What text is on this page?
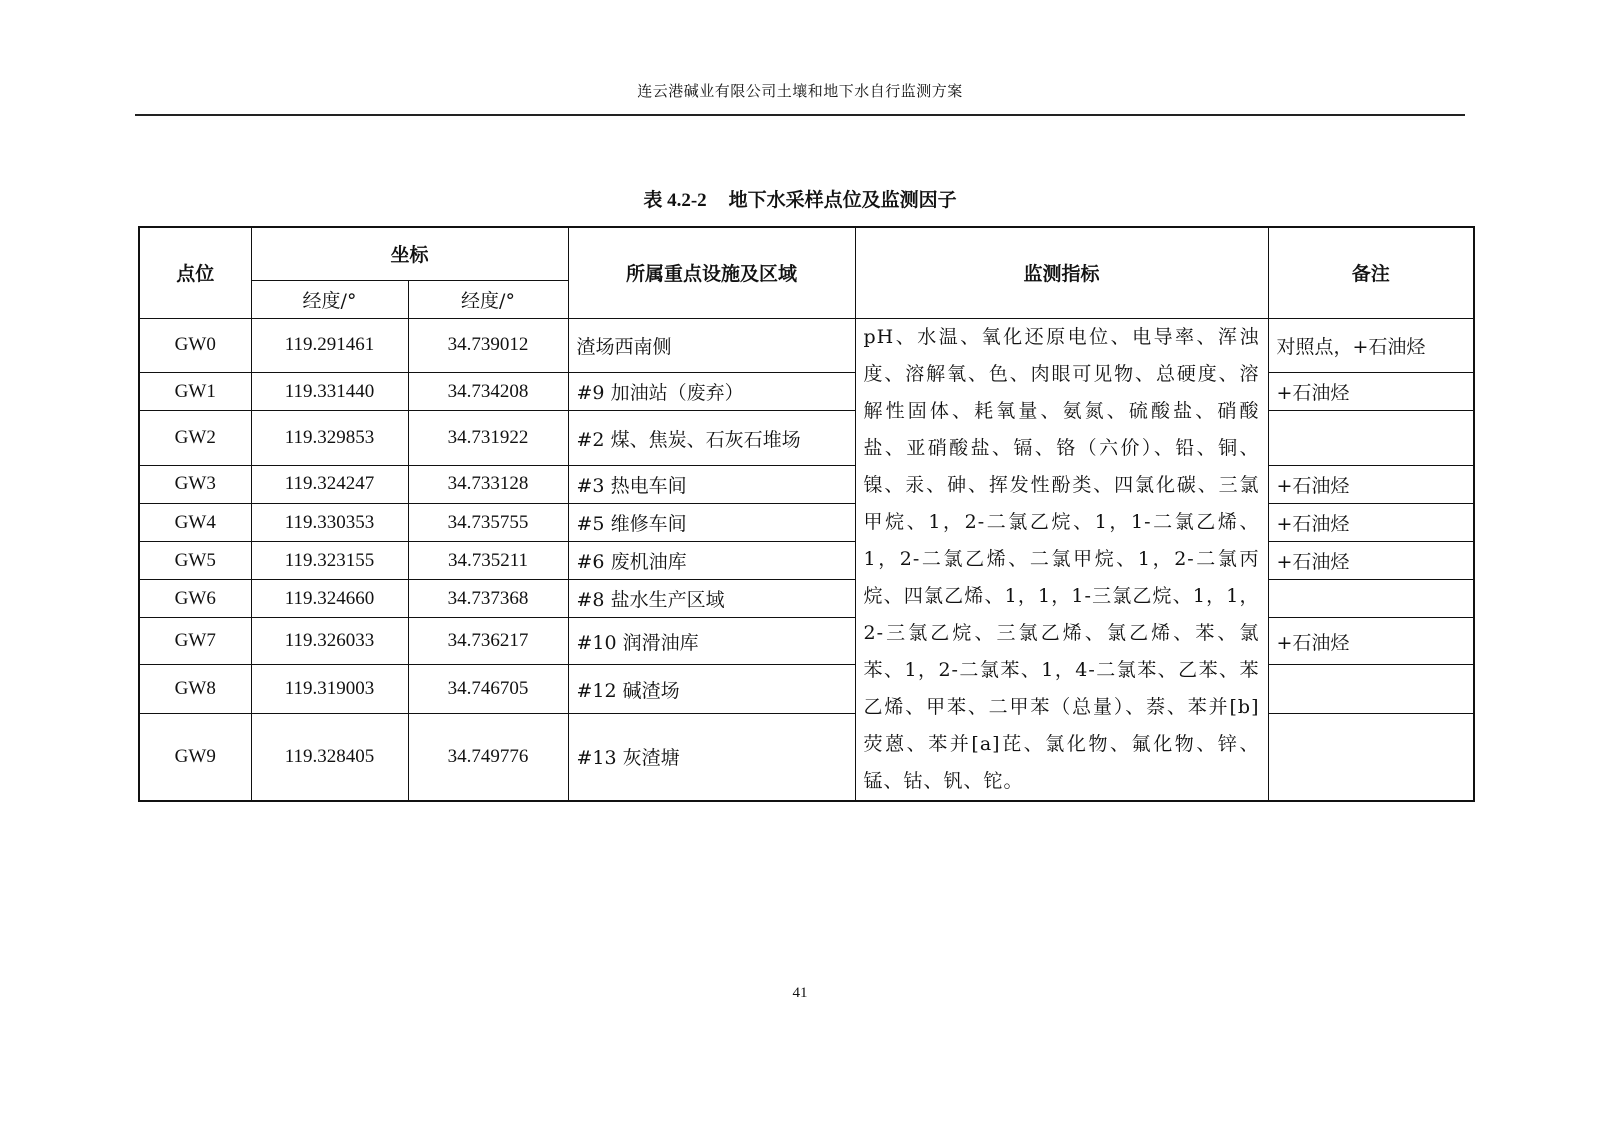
连云港碱业有限公司土壤和地下水自行监测方案
表 4.2-2 地下水采样点位及监测因子
点位	坐标		所属重点设施及区域	监测指标	备注
	经度/°	经度/°			
GW0	119.291461	34.739012	渣场西南侧	pH、水温、氧化还原电位、电导率、浑浊度、溶解氧、色、肉眼可见物、总硬度、溶解性固体、耗氧量、氨氮、硫酸盐、硝酸盐、亚硝酸盐、镉、铬（六价）、铅、铜、镍、汞、砷、挥发性酚类、四氯化碳、三氯甲烷、1，2-二氯乙烷、1，1-二氯乙烯、1，2-二氯乙烯、二氯甲烷、1，2-二氯丙烷、四氯乙烯、1，1，1-三氯乙烷、1，1，2-三氯乙烷、三氯乙烯、氯乙烯、苯、氯苯、1，2-二氯苯、1，4-二氯苯、乙苯、苯乙烯、甲苯、二甲苯（总量）、萘、苯并[b]荧蒽、苯并[a]芘、氯化物、氟化物、锌、锰、钴、钒、铊。	对照点，+石油烃
GW1	119.331440	34.734208	#9 加油站（废弃）		+石油烃
GW2	119.329853	34.731922	#2 煤、焦炭、石灰石堆场		
GW3	119.324247	34.733128	#3 热电车间		+石油烃
GW4	119.330353	34.735755	#5 维修车间		+石油烃
GW5	119.323155	34.735211	#6 废机油库		+石油烃
GW6	119.324660	34.737368	#8 盐水生产区域		
GW7	119.326033	34.736217	#10 润滑油库		+石油烃
GW8	119.319003	34.746705	#12 碱渣场		
GW9	119.328405	34.749776	#13 灰渣塘		
41
